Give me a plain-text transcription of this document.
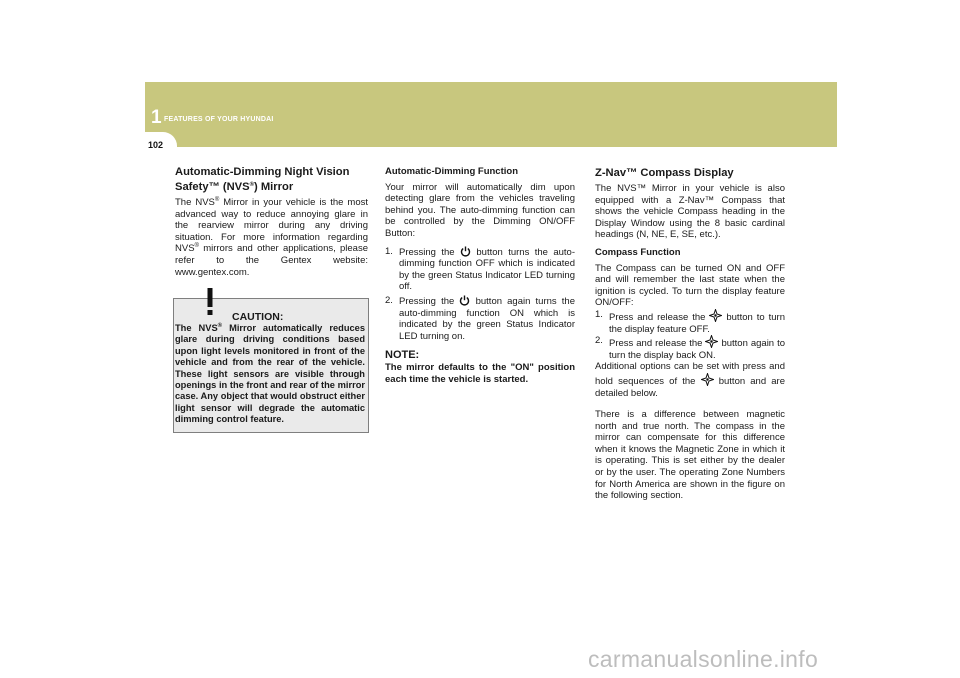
1 FEATURES OF YOUR HYUNDAI
102
Automatic-Dimming Night Vision
Safety™ (NVS®) Mirror

The NVS® Mirror in your vehicle is the most advanced way to reduce annoying glare in the rearview mirror during any driving situation. For more information regarding NVS® mirrors and other applications, please refer to the Gentex website: www.gentex.com.

CAUTION:
The NVS® Mirror automatically reduces glare during driving conditions based upon light levels monitored in front of the vehicle and from the rear of the vehicle. These light sensors are visible through openings in the front and rear of the mirror case. Any object that would obstruct either light sensor will degrade the automatic dimming control feature.
Automatic-Dimming Function

Your mirror will automatically dim upon detecting glare from the vehicles traveling behind you. The auto-dimming function can be controlled by the Dimming ON/OFF Button:

1. Pressing the  button turns the auto-dimming function OFF which is indicated by the green Status Indicator LED turning off.
2. Pressing the  button again turns the auto-dimming function ON which is indicated by the green Status Indicator LED turning on.
NOTE:
The mirror defaults to the "ON" position each time the vehicle is started.
Z-Nav™ Compass Display

The NVS™ Mirror in your vehicle is also equipped with a Z-Nav™ Compass that shows the vehicle Compass heading in the Display Window using the 8 basic cardinal headings (N, NE, E, SE, etc.).

Compass Function

The Compass can be turned ON and OFF and will remember the last state when the ignition is cycled. To turn the display feature ON/OFF:

1. Press and release the  button to turn the display feature OFF.
2. Press and release the  button again to turn the display back ON.

Additional options can be set with press and hold sequences of the  button and are detailed below.

There is a difference between magnetic north and true north. The compass in the mirror can compensate for this difference when it knows the Magnetic Zone in which it is operating. This is set either by the dealer or by the user. The operating Zone Numbers for North America are shown in the figure on the following section.

carmanualsonline.info
